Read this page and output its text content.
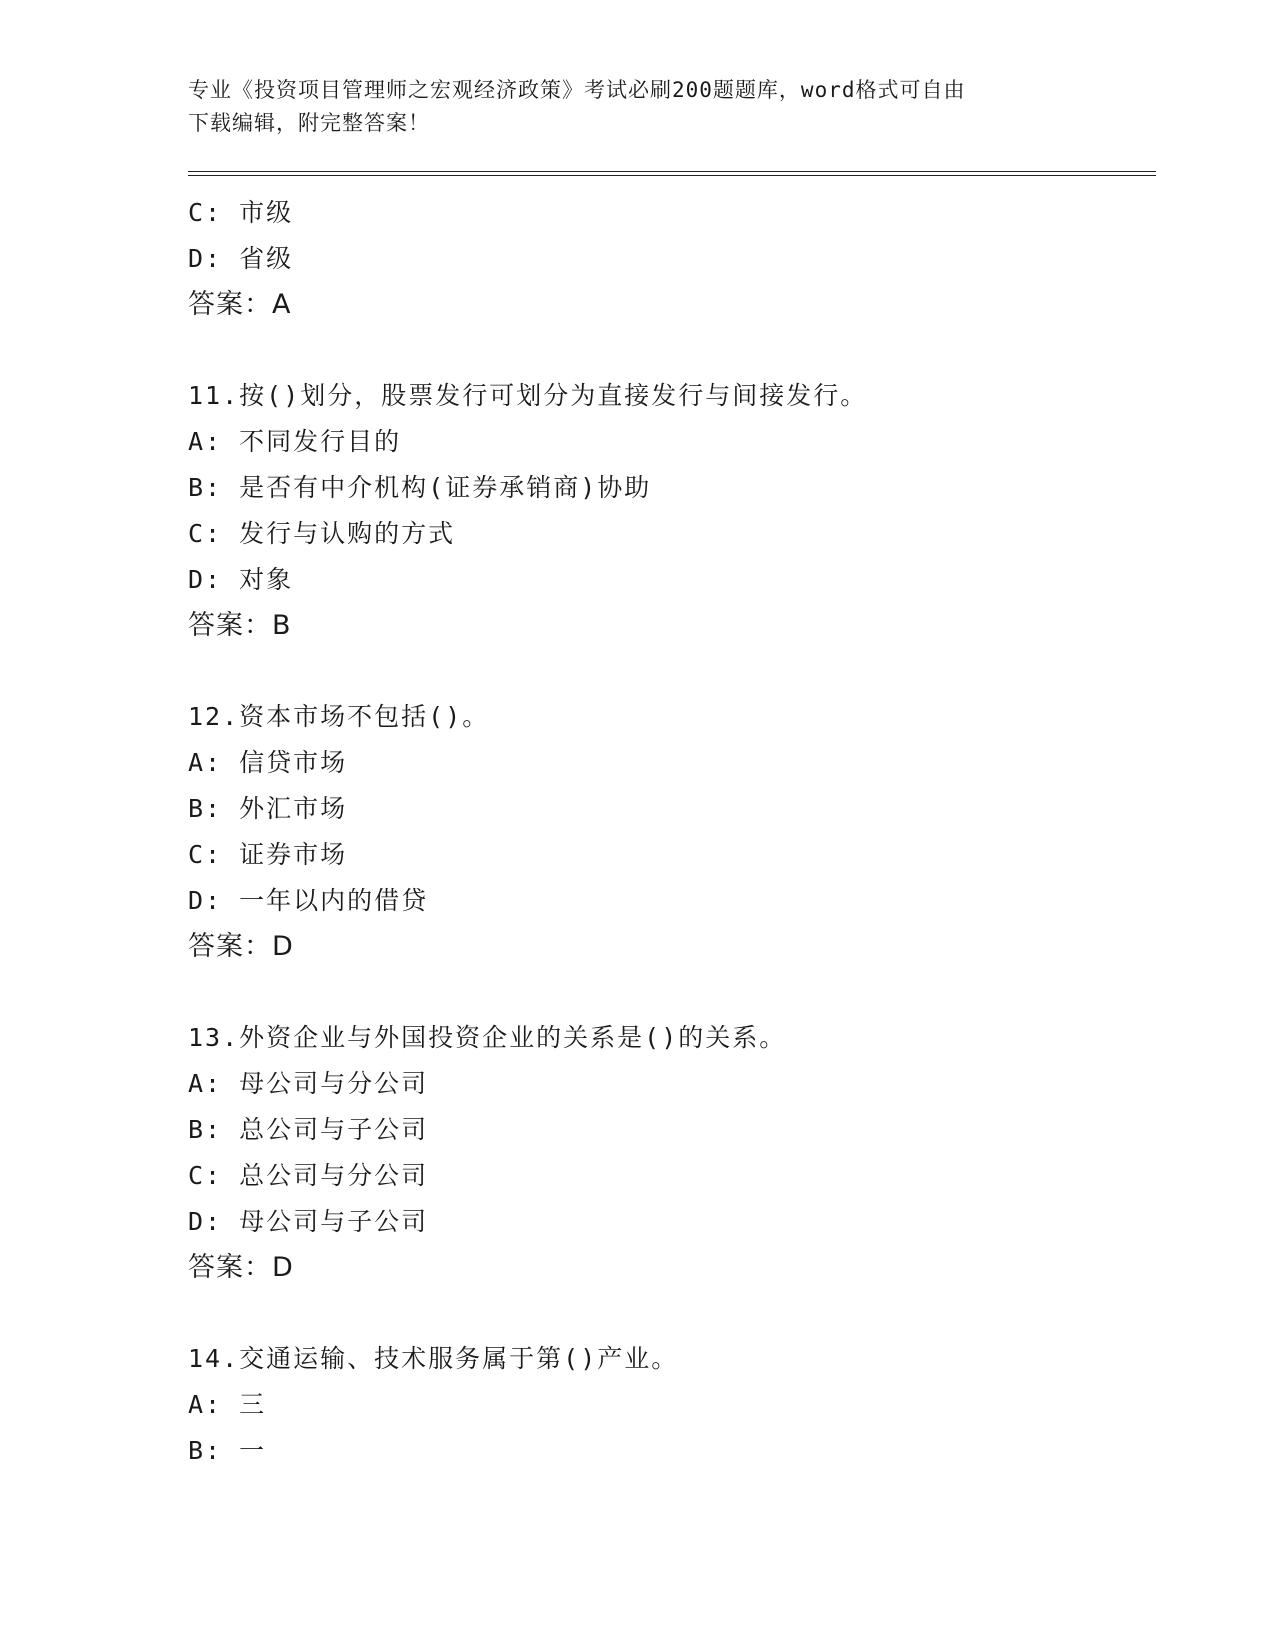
专业《投资项目管理师之宏观经济政策》考试必刷200题题库，word格式可自由
下载编辑，附完整答案！

C: 市级
D: 省级
答案：A
11.按()划分，股票发行可划分为直接发行与间接发行。
A: 不同发行目的
B: 是否有中介机构(证券承销商)协助
C: 发行与认购的方式
D: 对象
答案：B
12.资本市场不包括()。
A: 信贷市场
B: 外汇市场
C: 证券市场
D: 一年以内的借贷
答案：D
13.外资企业与外国投资企业的关系是()的关系。
A: 母公司与分公司
B: 总公司与子公司
C: 总公司与分公司
D: 母公司与子公司
答案：D
14.交通运输、技术服务属于第()产业。
A: 三
B: 一
